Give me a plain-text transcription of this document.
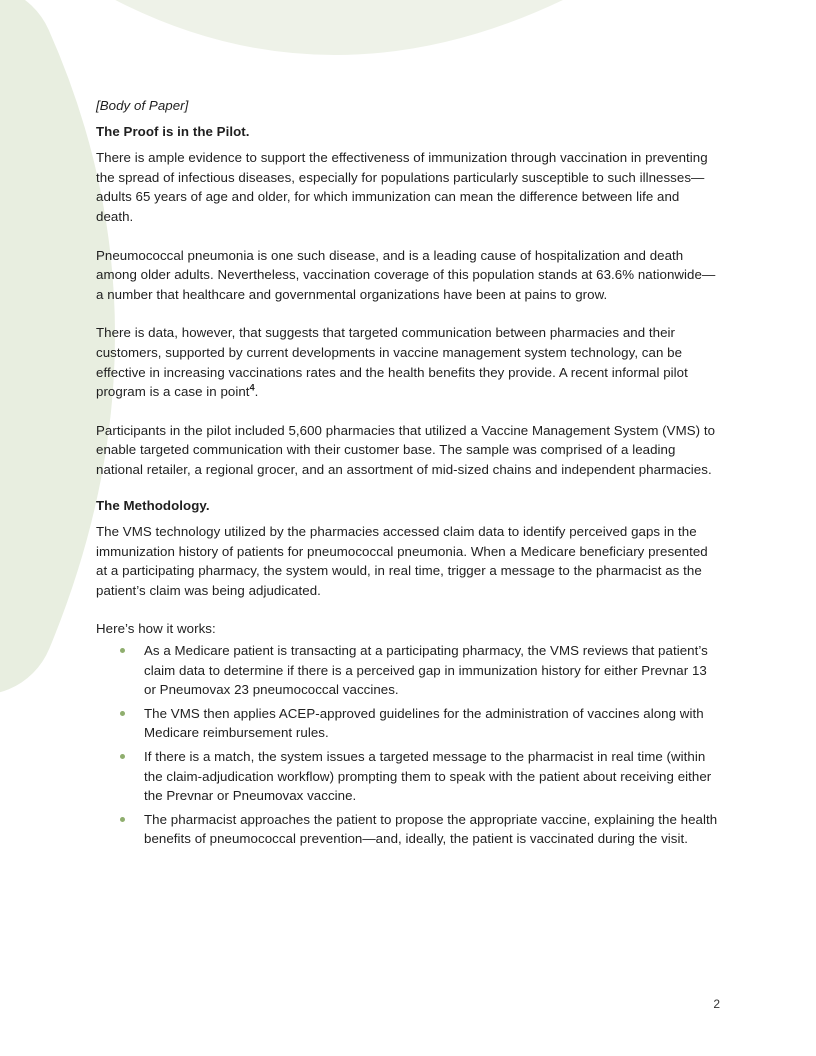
[Body of Paper]

The Proof is in the Pilot.

There is ample evidence to support the effectiveness of immunization through vaccination in preventing the spread of infectious diseases, especially for populations particularly susceptible to such illnesses—adults 65 years of age and older, for which immunization can mean the difference between life and death.

Pneumococcal pneumonia is one such disease, and is a leading cause of hospitalization and death among older adults. Nevertheless, vaccination coverage of this population stands at 63.6% nationwide—a number that healthcare and governmental organizations have been at pains to grow.

There is data, however, that suggests that targeted communication between pharmacies and their customers, supported by current developments in vaccine management system technology, can be effective in increasing vaccinations rates and the health benefits they provide. A recent informal pilot program is a case in point$^4$.

Participants in the pilot included 5,600 pharmacies that utilized a Vaccine Management System (VMS) to enable targeted communication with their customer base. The sample was comprised of a leading national retailer, a regional grocer, and an assortment of mid-sized chains and independent pharmacies.

The Methodology.

The VMS technology utilized by the pharmacies accessed claim data to identify perceived gaps in the immunization history of patients for pneumococcal pneumonia. When a Medicare beneficiary presented at a participating pharmacy, the system would, in real time, trigger a message to the pharmacist as the patient’s claim was being adjudicated.

Here’s how it works:

As a Medicare patient is transacting at a participating pharmacy, the VMS reviews that patient’s claim data to determine if there is a perceived gap in immunization history for either Prevnar 13 or Pneumovax 23 pneumococcal vaccines.
The VMS then applies ACEP-approved guidelines for the administration of vaccines along with Medicare reimbursement rules.
If there is a match, the system issues a targeted message to the pharmacist in real time (within the claim-adjudication workflow) prompting them to speak with the patient about receiving either the Prevnar or Pneumovax vaccine.
The pharmacist approaches the patient to propose the appropriate vaccine, explaining the health benefits of pneumococcal prevention—and, ideally, the patient is vaccinated during the visit.
2
